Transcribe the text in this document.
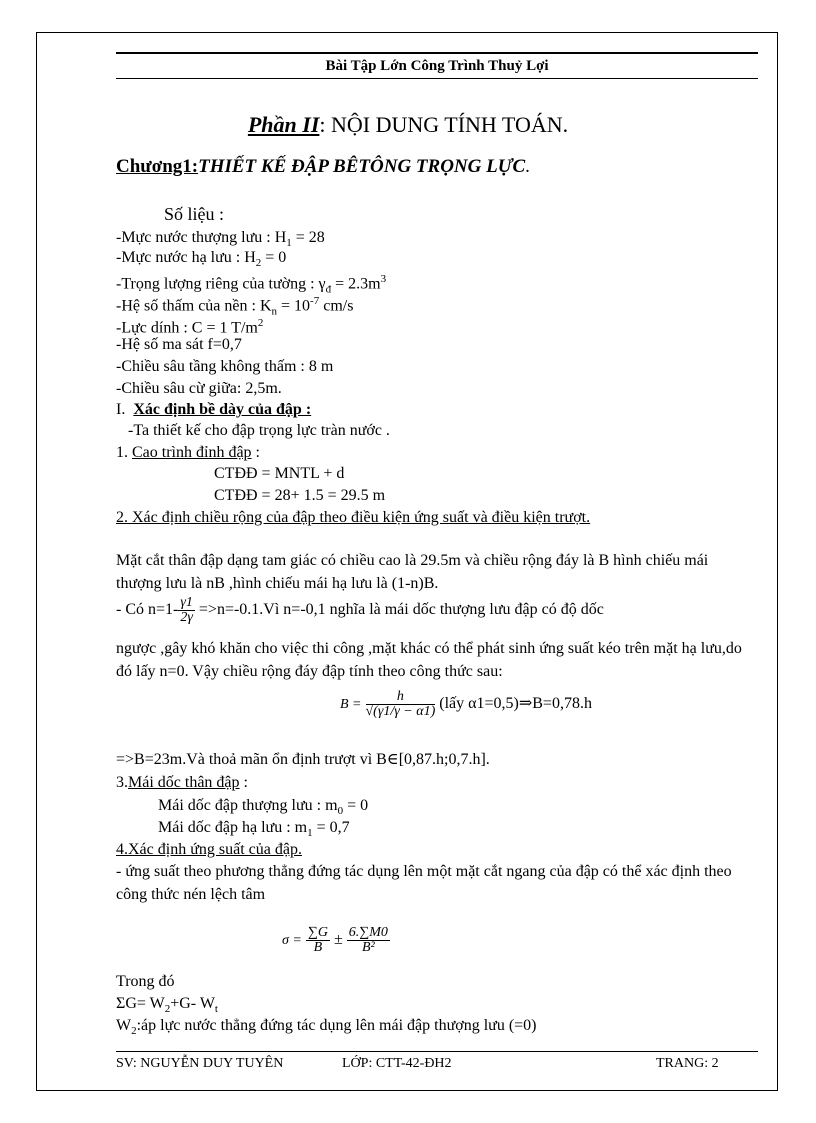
Bài Tập Lớn Công Trình Thuỷ Lợi
Phần II: NỘI DUNG TÍNH TOÁN.
Chương1:THIẾT KẾ ĐẬP BÊTÔNG TRỌNG LỰC.
Số liệu :
-Mực nước thượng lưu : $H_1 = 28$
-Mực nước hạ lưu : $H_2 = 0$
-Trọng lượng riêng của tường : $\gamma_đ = 2.3m^3$
-Hệ số thấm của nền : $K_n = 10^{-7}$ cm/s
-Lực dính : C = 1 $T/m^2$
-Hệ số ma sát f=0,7
-Chiều sâu tầng không thấm : 8 m
-Chiều sâu cừ giữa: 2,5m.
I. Xác định bề dày của đập :
-Ta thiết kế cho đập trọng lực tràn nước .
1. Cao trình đỉnh đập :
CTĐĐ = MNTL + d
CTĐĐ = 28+ 1.5 = 29.5 m
2. Xác định chiều rộng của đập theo điều kiện ứng suất và điều kiện trượt.
Mặt cắt thân đập dạng tam giác có chiều cao là 29.5m và chiều rộng đáy là B hình chiếu mái thượng lưu là nB ,hình chiếu mái hạ lưu là (1-n)B.
- Có $n=1- \frac{\gamma 1}{2\gamma}$ =>n=-0.1.Vì n=-0,1 nghĩa là mái dốc thượng lưu đập có độ dốc
ngược ,gây khó khăn cho việc thi công ,mặt khác có thể phát sinh ứng suất kéo trên mặt hạ lưu,do đó lấy n=0. Vậy chiều rộng đáy đập tính theo công thức sau:
$B = \frac{h}{√(\gamma 1/\gamma - \alpha 1)}$ (lấy α1=0,5)⇒B=0,78.h
=>B=23m.Và thoả mãn ổn định trượt vì B∈[0,87.h;0,7.h].
3.Mái dốc thân đập :
Mái dốc đập thượng lưu : $m_0 = 0$
Mái dốc đập hạ lưu : $m_1 = 0,7$
4.Xác định ứng suất của đập.
- ứng suất theo phương thẳng đứng tác dụng lên một mặt cắt ngang của đập có thể xác định theo công thức nén lệch tâm
$\sigma = \frac{\sum G}{B} \pm \frac{6.\sum M0}{\text{B²}}$
Trong đó
$\Sigma G= W_2+G-$ $W_t$
$W_2:áp$ lực nước thẳng đứng tác dụng lên mái đập thượng lưu (=0)
SV: NGUYỄN DUY TUYÊN	LỚP: CTT-42-ĐH2	TRANG: 2
